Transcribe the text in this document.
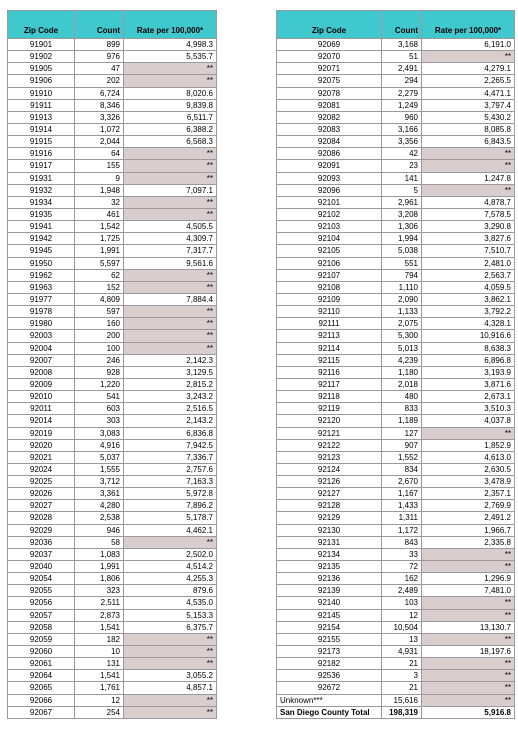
Zip Code	Count	Rate per 100,000*
91901	899	4,998.3
91902	976	5,535.7
91905	47	**
91906	202	**
91910	6,724	8,020.6
91911	8,346	9,839.8
91913	3,326	6,511.7
91914	1,072	6,388.2
91915	2,044	6,568.3
91916	64	**
91917	155	**
91931	9	**
91932	1,948	7,097.1
91934	32	**
91935	461	**
91941	1,542	4,505.5
91942	1,725	4,309.7
91945	1,991	7,317.7
91950	5,597	9,561.6
91962	62	**
91963	152	**
91977	4,809	7,884.4
91978	597	**
91980	160	**
92003	200	**
92004	100	**
92007	246	2,142.3
92008	928	3,129.5
92009	1,220	2,815.2
92010	541	3,243.2
92011	603	2,516.5
92014	303	2,143.2
92019	3,083	6,836.8
92020	4,916	7,942.5
92021	5,037	7,336.7
92024	1,555	2,757.6
92025	3,712	7,163.3
92026	3,361	5,972.8
92027	4,280	7,896.2
92028	2,538	5,178.7
92029	946	4,462.1
92036	58	**
92037	1,083	2,502.0
92040	1,991	4,514.2
92054	1,806	4,255.3
92055	323	879.6
92056	2,511	4,535.0
92057	2,873	5,153.3
92058	1,541	6,375.7
92059	182	**
92060	10	**
92061	131	**
92064	1,541	3,055.2
92065	1,761	4,857.1
92066	12	**
92067	254	**
Zip Code	Count	Rate per 100,000*
92069	3,168	6,191.0
92070	51	**
92071	2,491	4,279.1
92075	294	2,265.5
92078	2,279	4,471.1
92081	1,249	3,797.4
92082	960	5,430.2
92083	3,166	8,085.8
92084	3,356	6,843.5
92086	42	**
92091	23	**
92093	141	1,247.8
92096	5	**
92101	2,961	4,878.7
92102	3,208	7,578.5
92103	1,306	3,290.8
92104	1,994	3,827.6
92105	5,038	7,510.7
92106	551	2,481.0
92107	794	2,563.7
92108	1,110	4,059.5
92109	2,090	3,862.1
92110	1,133	3,792.2
92111	2,075	4,328.1
92113	5,300	10,916.6
92114	5,013	8,638.3
92115	4,239	6,896.8
92116	1,180	3,193.9
92117	2,018	3,871.6
92118	480	2,673.1
92119	833	3,510.3
92120	1,189	4,037.8
92121	127	**
92122	907	1,852.9
92123	1,552	4,613.0
92124	834	2,630.5
92126	2,670	3,478.9
92127	1,167	2,357.1
92128	1,433	2,769.9
92129	1,311	2,491.2
92130	1,172	1,966.7
92131	843	2,335.8
92134	33	**
92135	72	**
92136	162	1,296.9
92139	2,489	7,481.0
92140	103	**
92145	12	**
92154	10,504	13,130.7
92155	13	**
92173	4,931	18,197.6
92182	21	**
92536	3	**
92672	21	**
Unknown***	15,616	**
San Diego County Total	198,319	5,916.8
